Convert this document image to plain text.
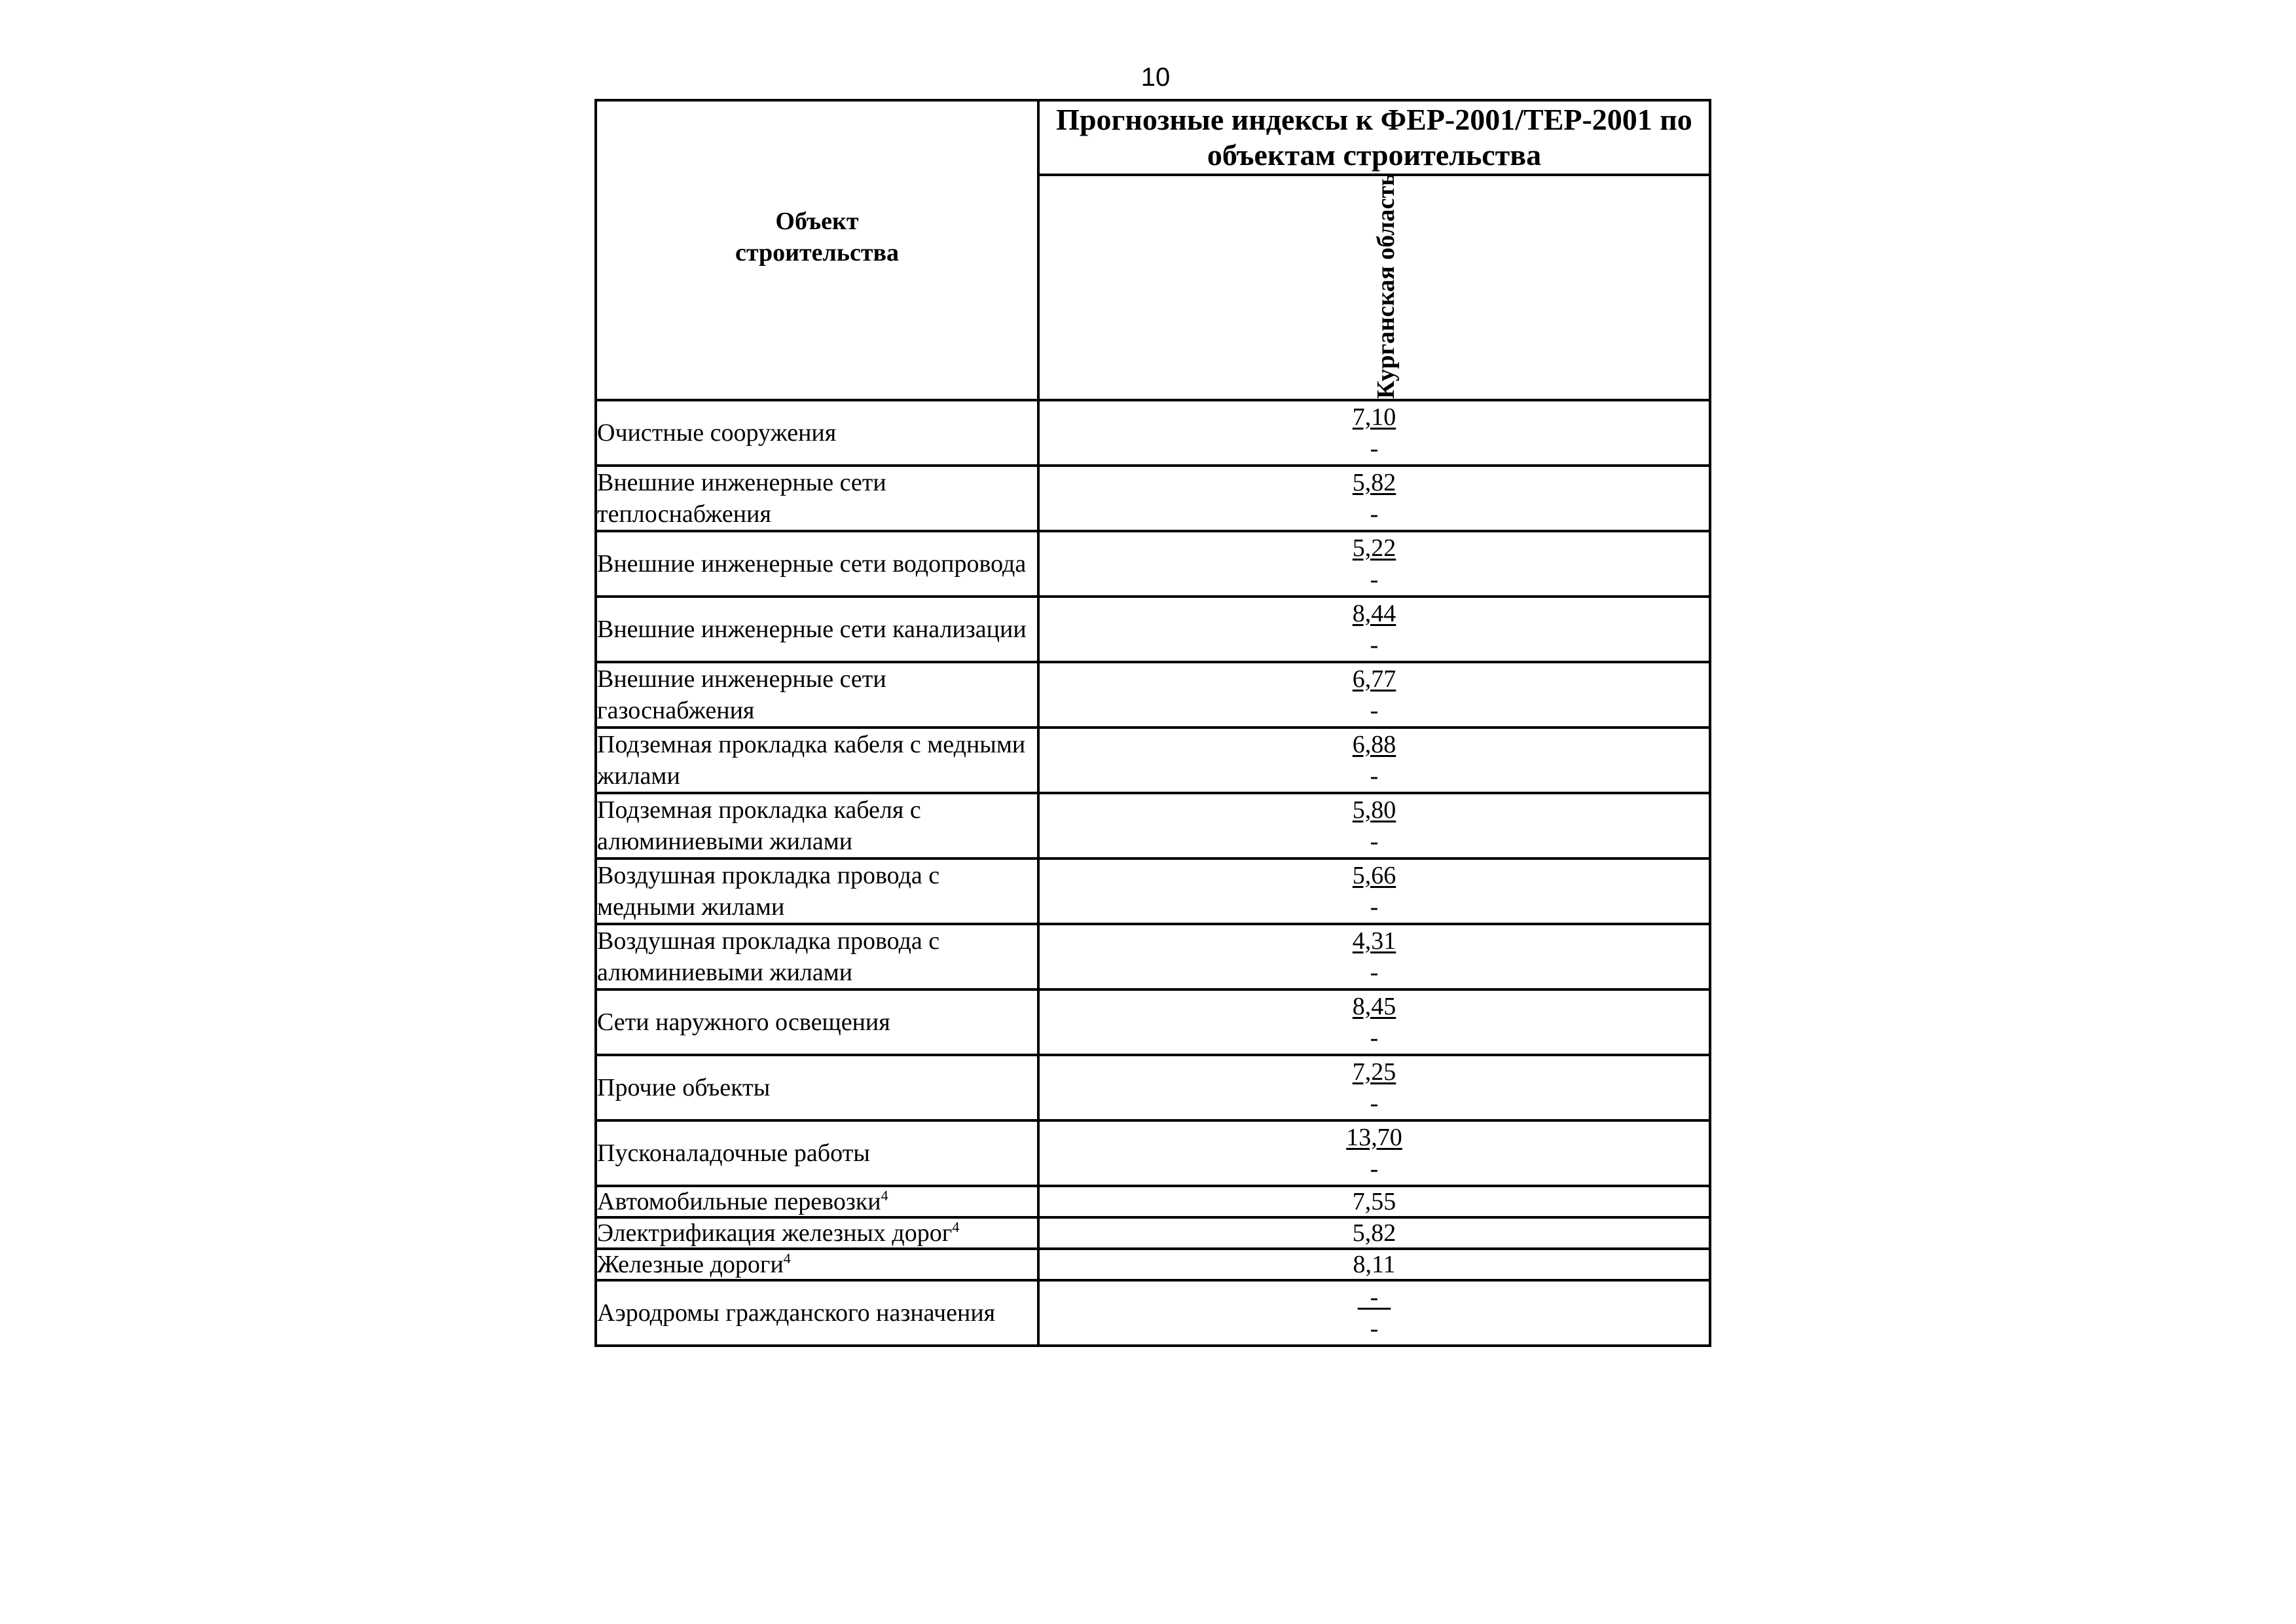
10
Объект
строительства	Прогнозные индексы к ФЕР-2001/ТЕР-2001 по объектам строительства

	Курганская область

Очистные сооружения	7,10
-

Внешние инженерные сети теплоснабжения	5,82
-

Внешние инженерные сети водопровода	5,22
-

Внешние инженерные сети канализации	8,44
-

Внешние инженерные сети газоснабжения	6,77
-

Подземная прокладка кабеля с медными жилами	6,88
-

Подземная прокладка кабеля с алюминиевыми жилами	5,80
-

Воздушная прокладка провода с медными жилами	5,66
-

Воздушная прокладка провода с алюминиевыми жилами	4,31
-

Сети наружного освещения	8,45
-

Прочие объекты	7,25
-

Пусконаладочные работы	13,70
-

Автомобильные перевозки$^4$	7,55

Электрификация железных дорог$^4$	5,82

Железные дороги$^4$	8,11

Аэродромы гражданского назначения	-
-
